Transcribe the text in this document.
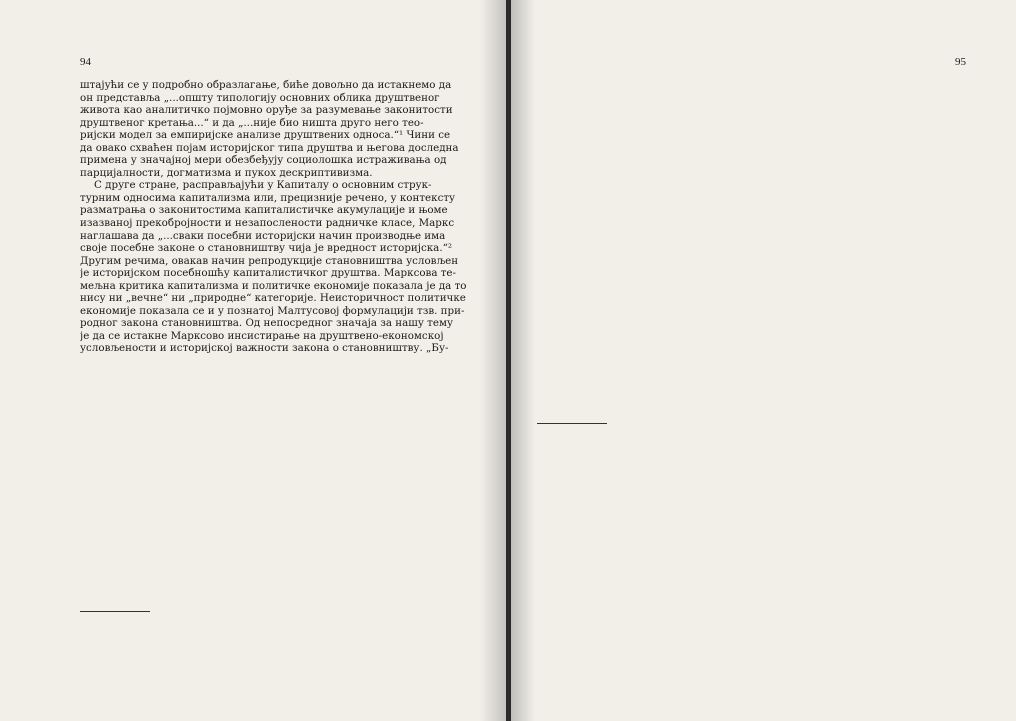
94
штајући се у подробно образлагање, биће довољно да истакнемо да
он представља „...општу типологију основних облика друштвеног
живота као аналитичко појмовно оруђе за разумевање законитости
друштвеног кретања...“ и да „...није био ништа друго него тео-
ријски модел за емпиријске анализе друштвених односа.“¹ Чини се
да овако схваћен појам историјског типа друштва и његова доследна
примена у значајној мери обезбеђују социолошка истраживања од
парцијалности, догматизма и пукох дескриптивизма.
С друге стране, расправљајући у Капиталу о основним струк-
турним односима капитализма или, прецизније речено, у контексту
разматрања о законитостима капиталистичке акумулације и њоме
изазваној прекобројности и незапослености радничке класе, Маркс
наглашава да „...сваки посебни историјски начин производње има
своје посебне законе о становништву чија је вредност историјска.“²
Другим речима, овакав начин репродукције становништва условљен
је историјском посебношћу капиталистичког друштва. Марксова те-
мељна критика капитализма и политичке економије показала је да то
нису ни „вечне“ ни „природне“ категорије. Неисторичност политичке
економије показала се и у познатој Малтусовој формулацији тзв. при-
родног закона становништва. Од непосредног значаја за нашу тему
је да се истакне Марксово инсистирање на друштвено-економској
условљености и историјској важности закона о становништву. „Бу-
95
